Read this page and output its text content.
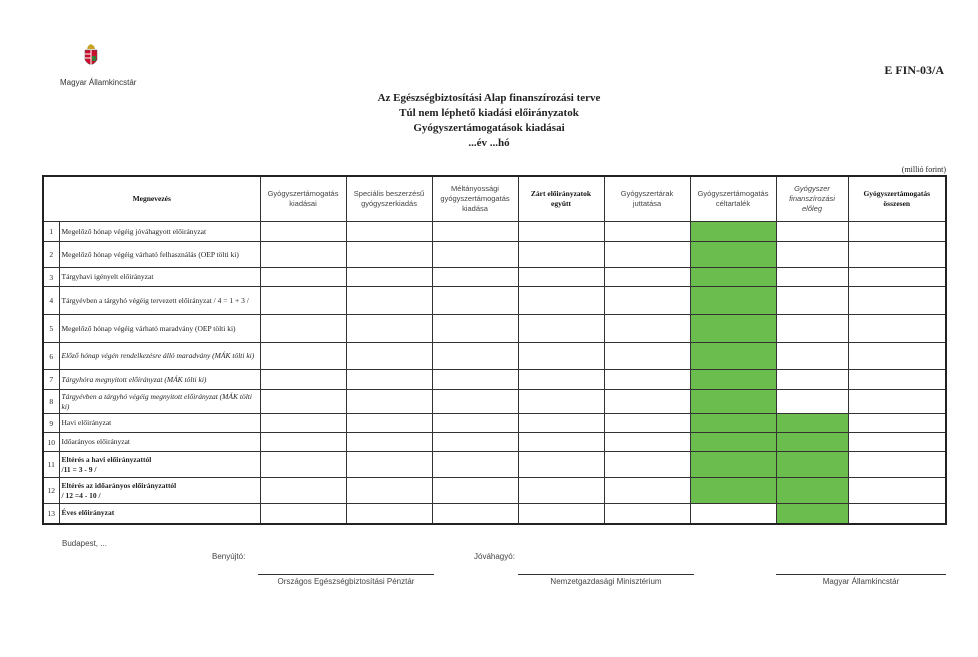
Magyar Államkincstár
E FIN-03/A
Az Egészségbiztosítási Alap finanszírozási terve
Túl nem léphető kiadási előirányzatok
Gyógyszertámogatások kiadásai
...év ...hó
(millió forint)
Megnevezés		Gyógyszertámogatás kiadásai	Speciális beszerzésű gyógyszerkiadás	Méltányossági gyógyszertámogatás kiadása	Zárt előirányzatok együtt	Gyógyszertárak juttatása	Gyógyszertámogatás céltartalék	Gyógyszer finanszírozási előleg	Gyógyszertámogatás összesen
1	Megelőző hónap végéig jóváhagyott előirányzat								
2	Megelőző hónap végéig várható felhasználás (OEP tölti ki)								
3	Tárgyhavi igényelt előirányzat								
4	Tárgyévben a tárgyhó végéig tervezett előirányzat / 4 = 1 + 3 /								
5	Megelőző hónap végéig várható maradvány (OEP tölti ki)								
6	Előző hónap végén rendelkezésre álló maradvány (MÁK tölti ki)								
7	Tárgyhóra megnyitott előirányzat (MÁK tölti ki)								
8	Tárgyévben a tárgyhó végéig megnyitott előirányzat (MÁK tölti ki)								
9	Havi előirányzat								
10	Időarányos előirányzat								
11	Eltérés a havi előirányzattól
/11 = 3 - 9 /								
12	Eltérés az időarányos előirányzattól
/ 12 =4 - 10 /								
13	Éves előirányzat								
Budapest, ...
Benyújtó:	Jóváhagyó:
Országos Egészségbiztosítási Pénztár	Nemzetgazdasági Minisztérium	Magyar Államkincstár
